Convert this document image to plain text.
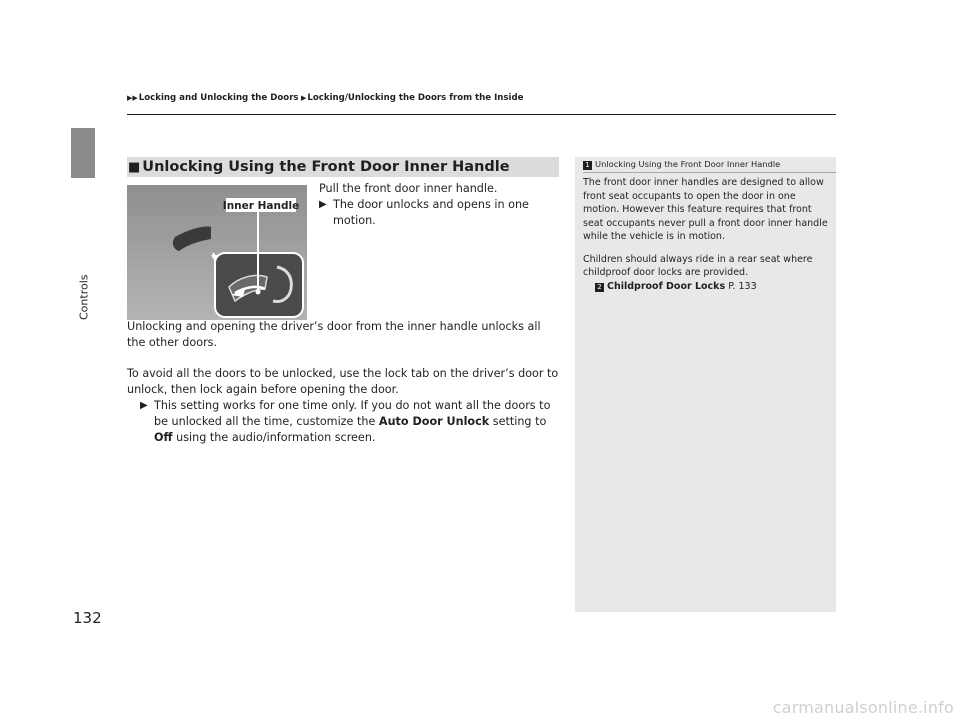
Controls
132
▶▶Locking and Unlocking the Doors ▶Locking/Unlocking the Doors from the Inside
■ Unlocking Using the Front Door Inner Handle
Inner Handle
Pull the front door inner handle.
▶ The door unlocks and opens in one motion.
Unlocking and opening the driver’s door from the inner handle unlocks all the other doors.
To avoid all the doors to be unlocked, use the lock tab on the driver’s door to unlock, then lock again before opening the door.
▶ This setting works for one time only. If you do not want all the doors to be unlocked all the time, customize the Auto Door Unlock setting to Off using the audio/information screen.
1 Unlocking Using the Front Door Inner Handle

The front door inner handles are designed to allow front seat occupants to open the door in one motion. However this feature requires that front seat occupants never pull a front door inner handle while the vehicle is in motion.

Children should always ride in a rear seat where childproof door locks are provided.
2 Childproof Door Locks P. 133

carmanualsonline.info
